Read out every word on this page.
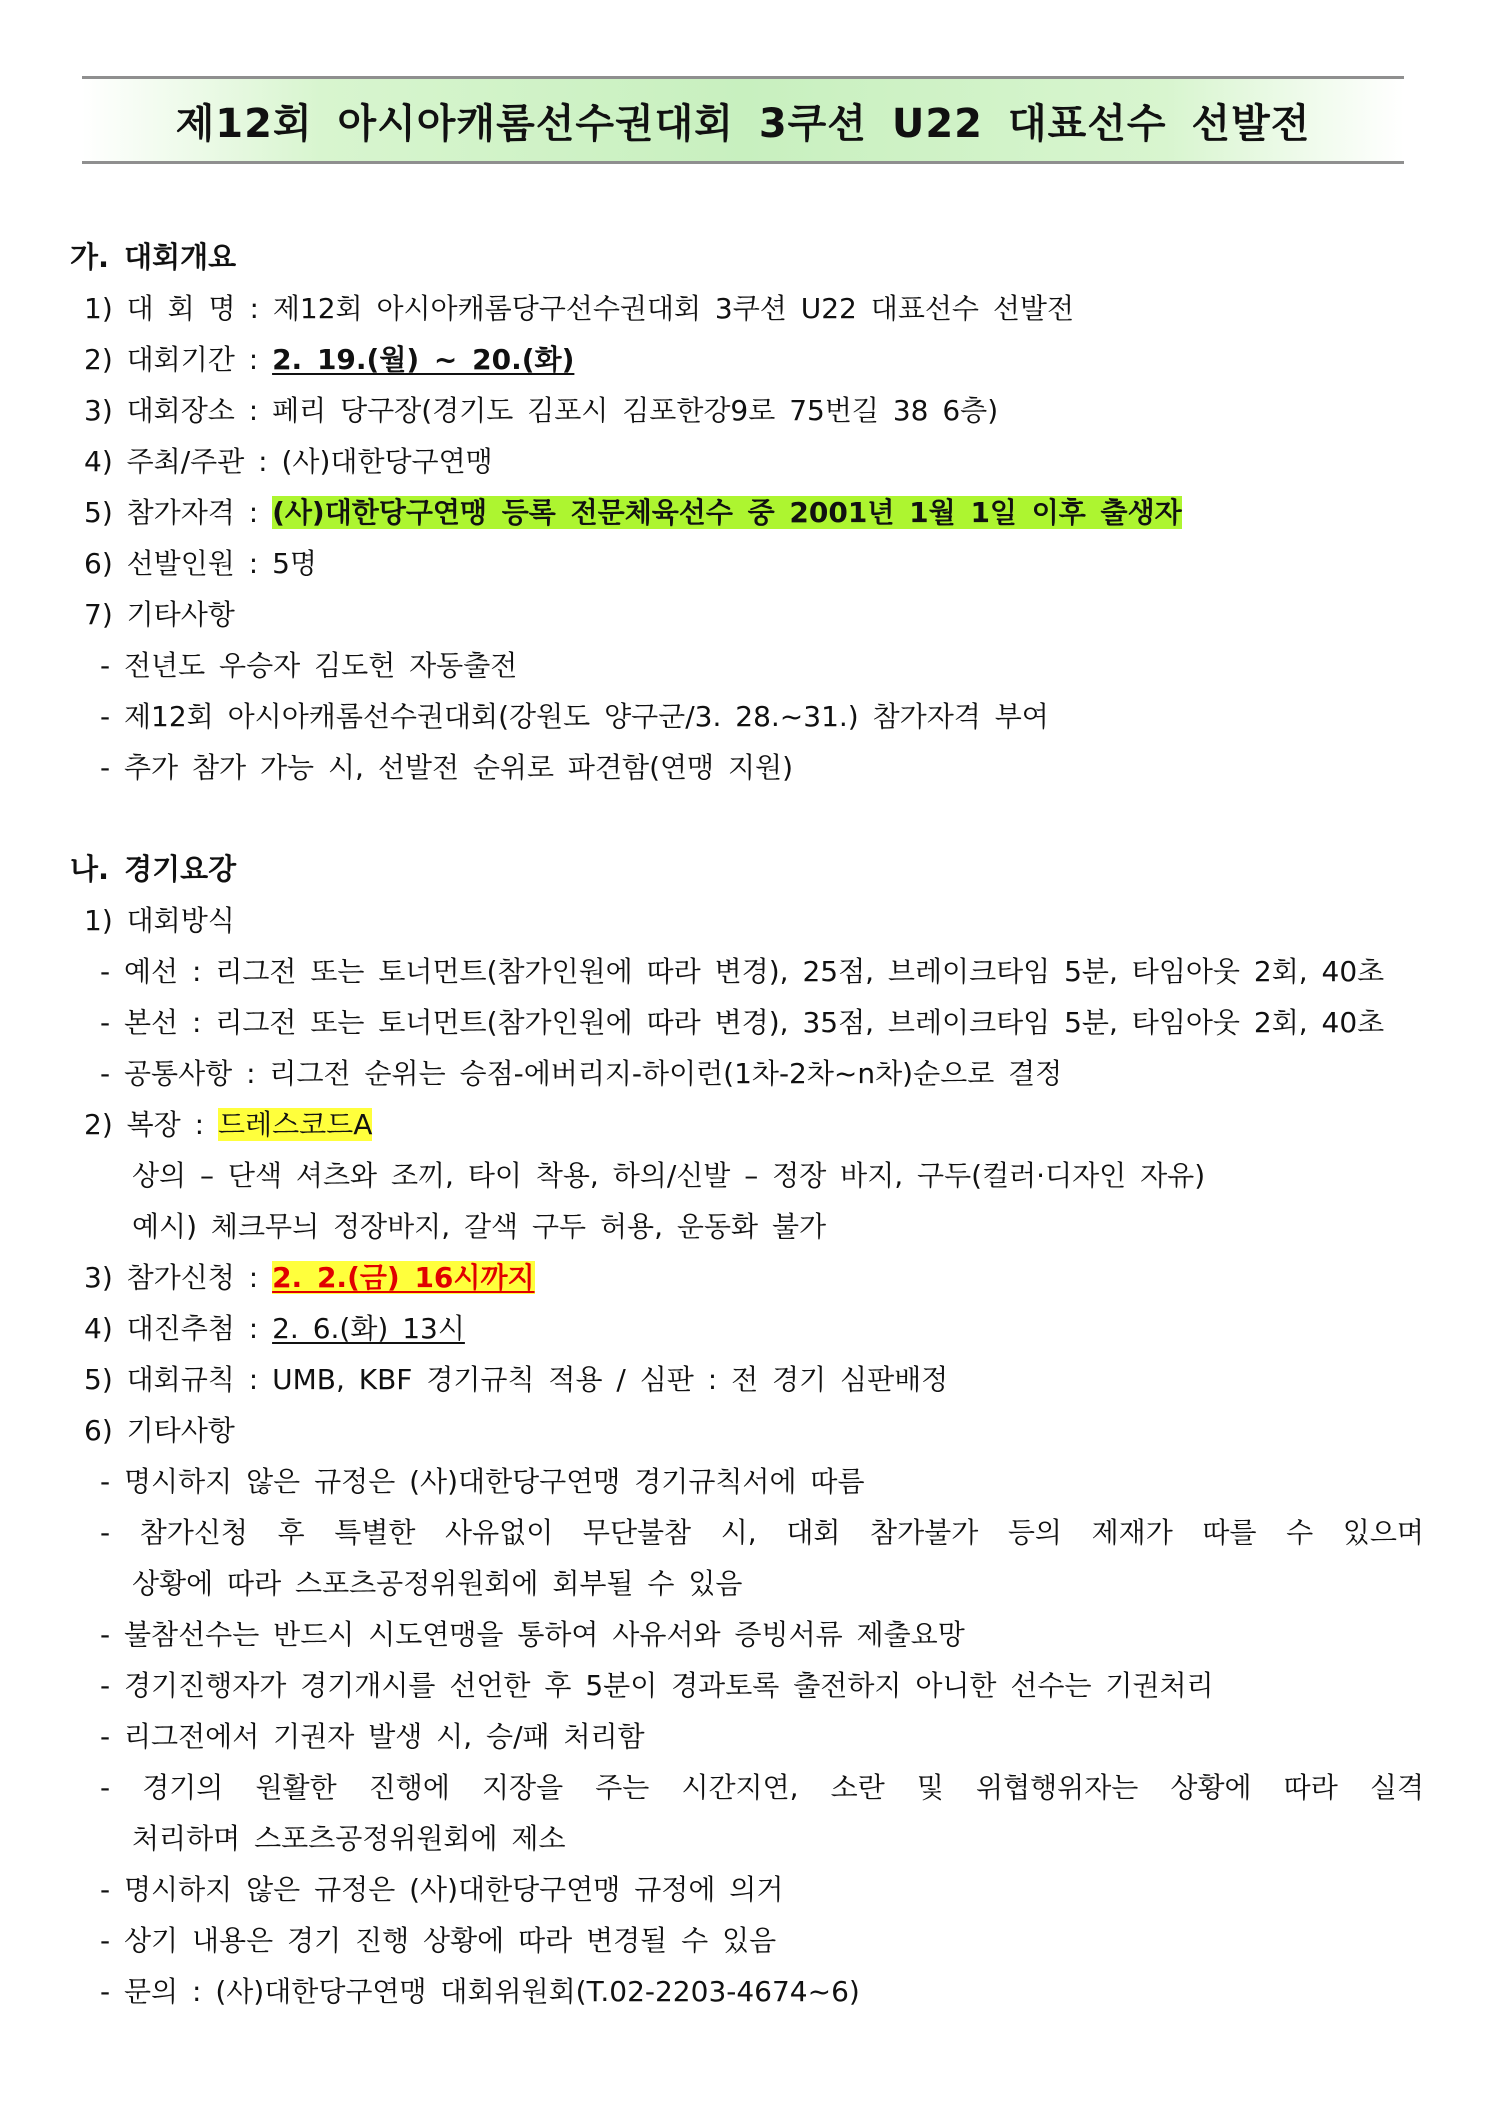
제12회 아시아캐롬선수권대회 3쿠션 U22 대표선수 선발전
가. 대회개요
1) 대 회 명 : 제12회 아시아캐롬당구선수권대회 3쿠션 U22 대표선수 선발전
2) 대회기간 : 2. 19.(월) ~ 20.(화)
3) 대회장소 : 페리 당구장(경기도 김포시 김포한강9로 75번길 38 6층)
4) 주최/주관 : (사)대한당구연맹
5) 참가자격 : (사)대한당구연맹 등록 전문체육선수 중 2001년 1월 1일 이후 출생자
6) 선발인원 : 5명
7) 기타사항
- 전년도 우승자 김도헌 자동출전
- 제12회 아시아캐롬선수권대회(강원도 양구군/3. 28.~31.) 참가자격 부여
- 추가 참가 가능 시, 선발전 순위로 파견함(연맹 지원)
나. 경기요강
1) 대회방식
- 예선 : 리그전 또는 토너먼트(참가인원에 따라 변경), 25점, 브레이크타임 5분, 타임아웃 2회, 40초
- 본선 : 리그전 또는 토너먼트(참가인원에 따라 변경), 35점, 브레이크타임 5분, 타임아웃 2회, 40초
- 공통사항 : 리그전 순위는 승점-에버리지-하이런(1차-2차~n차)순으로 결정
2) 복장 : 드레스코드A
상의 – 단색 셔츠와 조끼, 타이 착용, 하의/신발 – 정장 바지, 구두(컬러·디자인 자유)
예시) 체크무늬 정장바지, 갈색 구두 허용, 운동화 불가
3) 참가신청 : 2. 2.(금) 16시까지
4) 대진추첨 : 2. 6.(화) 13시
5) 대회규칙 : UMB, KBF 경기규칙 적용 / 심판 : 전 경기 심판배정
6) 기타사항
- 명시하지 않은 규정은 (사)대한당구연맹 경기규칙서에 따름
- 참가신청 후 특별한 사유없이 무단불참 시, 대회 참가불가 등의 제재가 따를 수 있으며
상황에 따라 스포츠공정위원회에 회부될 수 있음
- 불참선수는 반드시 시도연맹을 통하여 사유서와 증빙서류 제출요망
- 경기진행자가 경기개시를 선언한 후 5분이 경과토록 출전하지 아니한 선수는 기권처리
- 리그전에서 기권자 발생 시, 승/패 처리함
- 경기의 원활한 진행에 지장을 주는 시간지연, 소란 및 위협행위자는 상황에 따라 실격
처리하며 스포츠공정위원회에 제소
- 명시하지 않은 규정은 (사)대한당구연맹 규정에 의거
- 상기 내용은 경기 진행 상황에 따라 변경될 수 있음
- 문의 : (사)대한당구연맹 대회위원회(T.02-2203-4674~6)
